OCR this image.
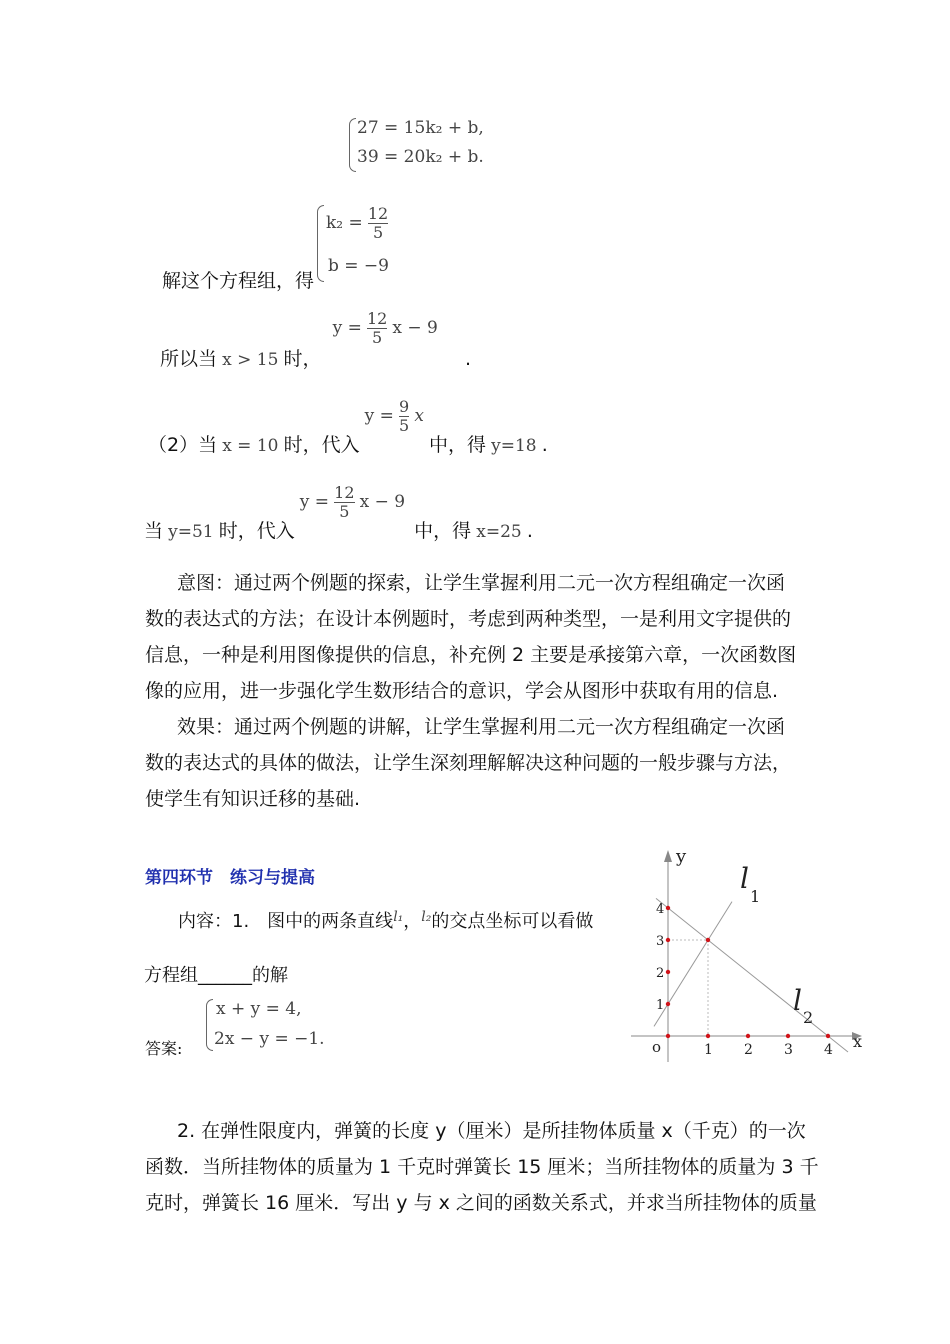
27 = 15k₂ + b,
39 = 20k₂ + b.
$k_2 = \frac{12}{5}$
b = −9
解这个方程组，得
所以当 x > 15 时， $y = \frac{12}{5}$ x − 9 .
（2）当 x = 10 时，代入 $y = \frac{9}{5}$ x 中，得 y=18 .
当 y=51 时，代入 $y = \frac{12}{5}$ x − 9 中，得 x=25 .
意图：通过两个例题的探索，让学生掌握利用二元一次方程组确定一次函
数的表达式的方法；在设计本例题时，考虑到两种类型，一是利用文字提供的
信息，一种是利用图像提供的信息，补充例 2 主要是承接第六章，一次函数图
像的应用，进一步强化学生数形结合的意识，学会从图形中获取有用的信息.
效果：通过两个例题的讲解，让学生掌握利用二元一次方程组确定一次函
数的表达式的具体的做法，让学生深刻理解解决这种问题的一般步骤与方法，
使学生有知识迁移的基础.
第四环节　练习与提高
内容：1.　图中的两条直线$^{l_1}$，$^{l_2}$的交点坐标可以看做
方程组______的解
答案:
x + y = 4,
2x − y = −1.
y
x
o
l
1
l
2
1 2 3 4
1
2
3
4
2. 在弹性限度内，弹簧的长度 y（厘米）是所挂物体质量 x（千克）的一次
函数．当所挂物体的质量为 1 千克时弹簧长 15 厘米；当所挂物体的质量为 3 千
克时，弹簧长 16 厘米．写出 y 与 x 之间的函数关系式，并求当所挂物体的质量
